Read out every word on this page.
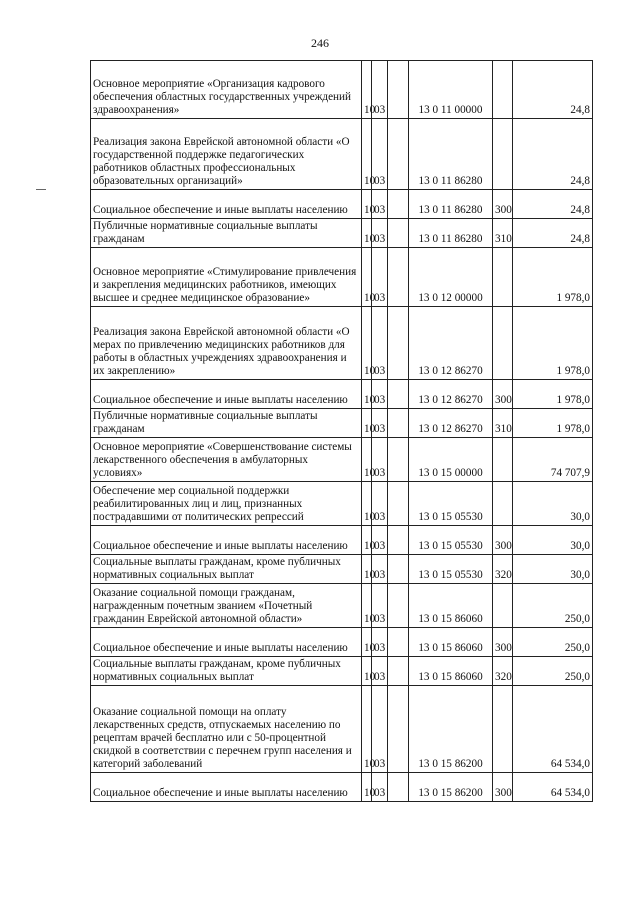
246
Основное мероприятие «Организация кадрового обеспечения областных государственных учреждений здравоохранения»	10	03		13 0 11 00000		24,8
Реализация закона Еврейской автономной области «О государственной поддержке педагогических работников областных профессиональных образовательных организаций»	10	03		13 0 11 86280		24,8
Социальное обеспечение и иные выплаты населению	10	03		13 0 11 86280	300	24,8
Публичные нормативные социальные выплаты гражданам	10	03		13 0 11 86280	310	24,8
Основное мероприятие «Стимулирование привлечения и закрепления медицинских работников, имеющих высшее и среднее медицинское образование»	10	03		13 0 12 00000		1 978,0
Реализация закона Еврейской автономной области «О мерах по привлечению медицинских работников для работы в областных учреждениях здравоохранения и их закреплению»	10	03		13 0 12 86270		1 978,0
Социальное обеспечение и иные выплаты населению	10	03		13 0 12 86270	300	1 978,0
Публичные нормативные социальные выплаты гражданам	10	03		13 0 12 86270	310	1 978,0
Основное мероприятие «Совершенствование системы лекарственного обеспечения в амбулаторных условиях»	10	03		13 0 15 00000		74 707,9
Обеспечение мер социальной поддержки реабилитированных лиц и лиц, признанных пострадавшими от политических репрессий	10	03		13 0 15 05530		30,0
Социальное обеспечение и иные выплаты населению	10	03		13 0 15 05530	300	30,0
Социальные выплаты гражданам, кроме публичных нормативных социальных выплат	10	03		13 0 15 05530	320	30,0
Оказание социальной помощи гражданам, награжденным почетным званием «Почетный гражданин Еврейской автономной области»	10	03		13 0 15 86060		250,0
Социальное обеспечение и иные выплаты населению	10	03		13 0 15 86060	300	250,0
Социальные выплаты гражданам, кроме публичных нормативных социальных выплат	10	03		13 0 15 86060	320	250,0
Оказание социальной помощи на оплату лекарственных средств, отпускаемых населению по рецептам врачей бесплатно или с 50-процентной скидкой в соответствии с перечнем групп населения и категорий заболеваний	10	03		13 0 15 86200		64 534,0
Социальное обеспечение и иные выплаты населению	10	03		13 0 15 86200	300	64 534,0
